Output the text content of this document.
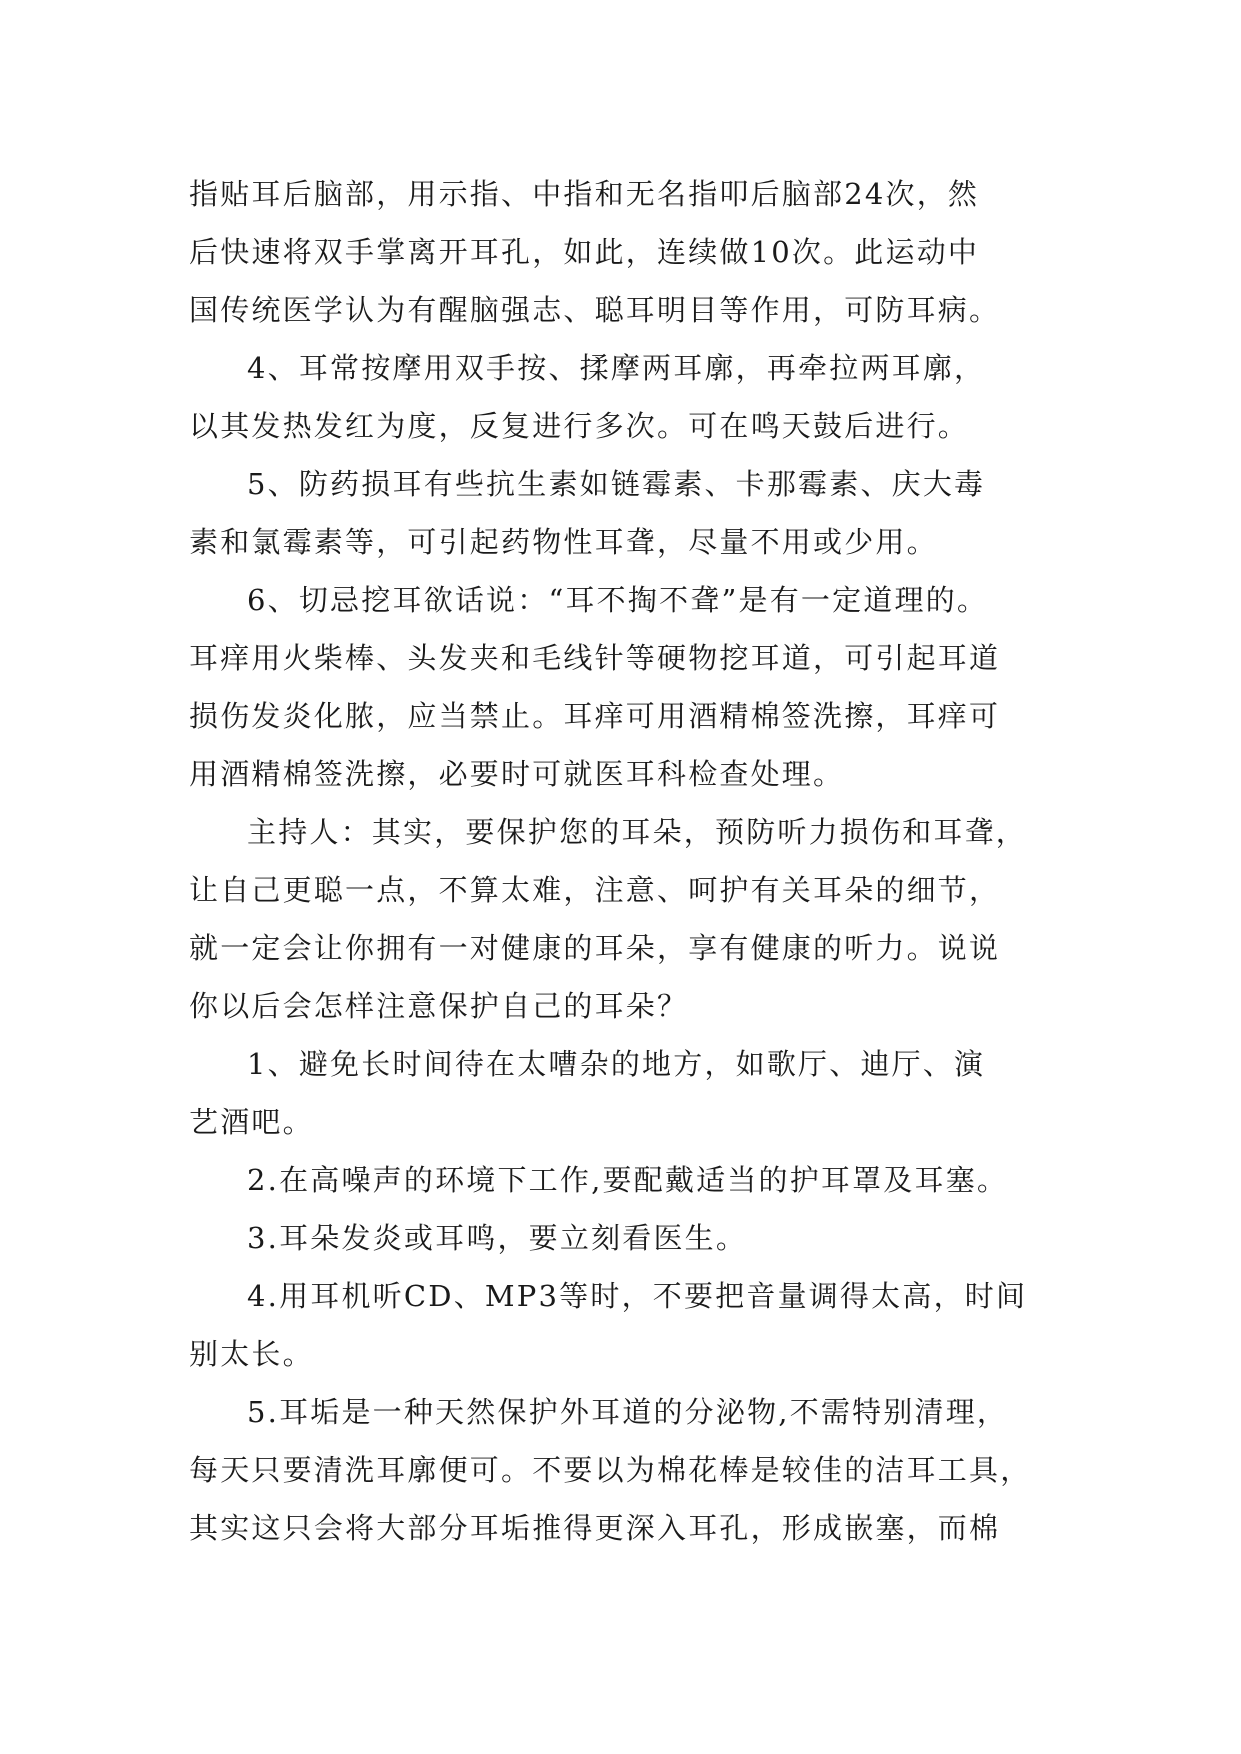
指贴耳后脑部，用示指、中指和无名指叩后脑部24次，然
后快速将双手掌离开耳孔，如此，连续做10次。此运动中
国传统医学认为有醒脑强志、聪耳明目等作用，可防耳病。
4、耳常按摩用双手按、揉摩两耳廓，再牵拉两耳廓，
以其发热发红为度，反复进行多次。可在鸣天鼓后进行。
5、防药损耳有些抗生素如链霉素、卡那霉素、庆大毒
素和氯霉素等，可引起药物性耳聋，尽量不用或少用。
6、切忌挖耳欲话说：“耳不掏不聋”是有一定道理的。
耳痒用火柴棒、头发夹和毛线针等硬物挖耳道，可引起耳道
损伤发炎化脓，应当禁止。耳痒可用酒精棉签洗擦，耳痒可
用酒精棉签洗擦，必要时可就医耳科检查处理。
主持人：其实，要保护您的耳朵，预防听力损伤和耳聋，
让自己更聪一点，不算太难，注意、呵护有关耳朵的细节，
就一定会让你拥有一对健康的耳朵，享有健康的听力。说说
你以后会怎样注意保护自己的耳朵？
1、避免长时间待在太嘈杂的地方，如歌厅、迪厅、演
艺酒吧。
2.在高噪声的环境下工作,要配戴适当的护耳罩及耳塞。
3.耳朵发炎或耳鸣，要立刻看医生。
4.用耳机听CD、MP3等时，不要把音量调得太高，时间
别太长。
5.耳垢是一种天然保护外耳道的分泌物,不需特别清理，
每天只要清洗耳廓便可。不要以为棉花棒是较佳的洁耳工具，
其实这只会将大部分耳垢推得更深入耳孔，形成嵌塞，而棉
